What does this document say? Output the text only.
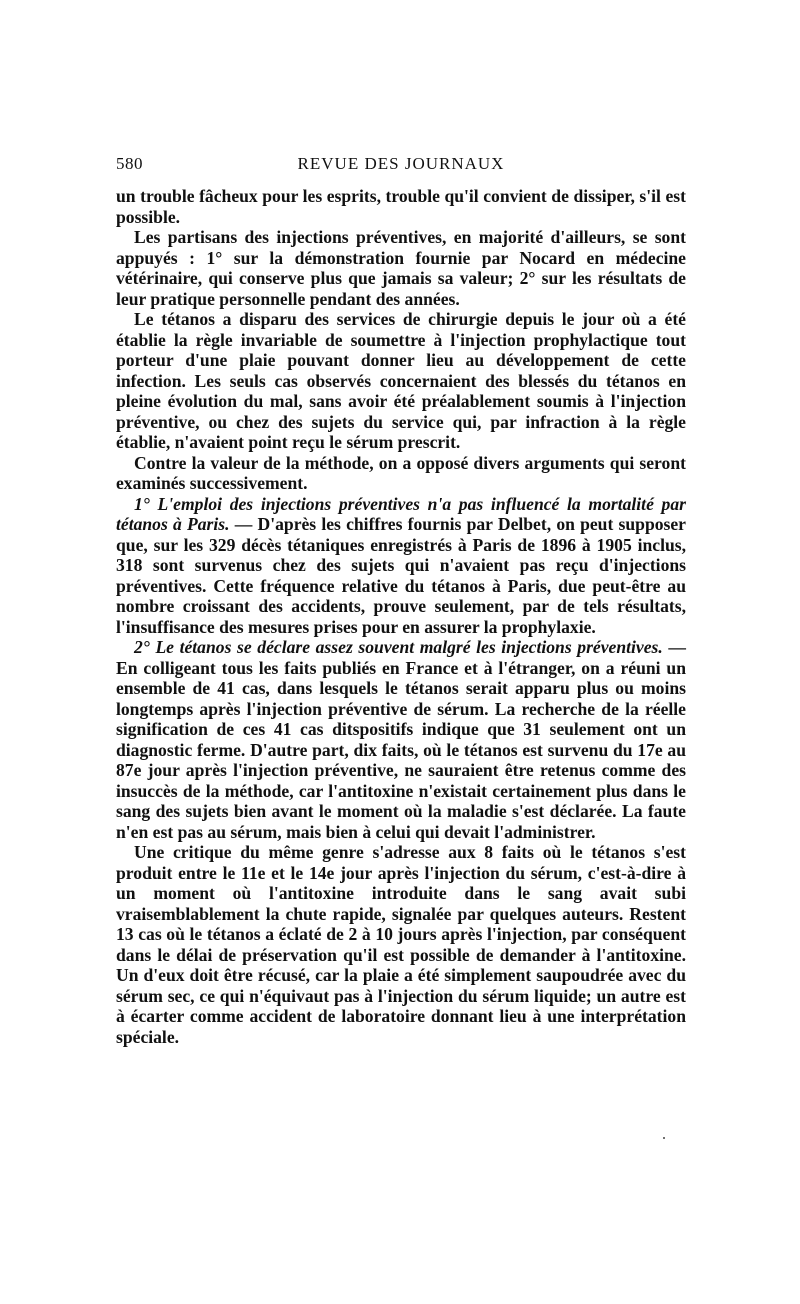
580	REVUE DES JOURNAUX

un trouble fâcheux pour les esprits, trouble qu'il convient de dissiper, s'il est possible.

Les partisans des injections préventives, en majorité d'ailleurs, se sont appuyés : 1° sur la démonstration fournie par Nocard en médecine vétérinaire, qui conserve plus que jamais sa valeur; 2° sur les résultats de leur pratique personnelle pendant des années.

Le tétanos a disparu des services de chirurgie depuis le jour où a été établie la règle invariable de soumettre à l'injection prophylactique tout porteur d'une plaie pouvant donner lieu au développement de cette infection. Les seuls cas observés concernaient des blessés du tétanos en pleine évolution du mal, sans avoir été préalablement soumis à l'injection préventive, ou chez des sujets du service qui, par infraction à la règle établie, n'avaient point reçu le sérum prescrit.

Contre la valeur de la méthode, on a opposé divers arguments qui seront examinés successivement.

1° L'emploi des injections préventives n'a pas influencé la mortalité par tétanos à Paris. — D'après les chiffres fournis par Delbet, on peut supposer que, sur les 329 décès tétaniques enregistrés à Paris de 1896 à 1905 inclus, 318 sont survenus chez des sujets qui n'avaient pas reçu d'injections préventives. Cette fréquence relative du tétanos à Paris, due peut-être au nombre croissant des accidents, prouve seulement, par de tels résultats, l'insuffisance des mesures prises pour en assurer la prophylaxie.

2° Le tétanos se déclare assez souvent malgré les injections préventives. — En colligeant tous les faits publiés en France et à l'étranger, on a réuni un ensemble de 41 cas, dans lesquels le tétanos serait apparu plus ou moins longtemps après l'injection préventive de sérum. La recherche de la réelle signification de ces 41 cas ditspositifs indique que 31 seulement ont un diagnostic ferme. D'autre part, dix faits, où le tétanos est survenu du 17e au 87e jour après l'injection préventive, ne sauraient être retenus comme des insuccès de la méthode, car l'antitoxine n'existait certainement plus dans le sang des sujets bien avant le moment où la maladie s'est déclarée. La faute n'en est pas au sérum, mais bien à celui qui devait l'administrer.

Une critique du même genre s'adresse aux 8 faits où le tétanos s'est produit entre le 11e et le 14e jour après l'injection du sérum, c'est-à-dire à un moment où l'antitoxine introduite dans le sang avait subi vraisemblablement la chute rapide, signalée par quelques auteurs. Restent 13 cas où le tétanos a éclaté de 2 à 10 jours après l'injection, par conséquent dans le délai de préservation qu'il est possible de demander à l'antitoxine. Un d'eux doit être récusé, car la plaie a été simplement saupoudrée avec du sérum sec, ce qui n'équivaut pas à l'injection du sérum liquide; un autre est à écarter comme accident de laboratoire donnant lieu à une interprétation spéciale.
